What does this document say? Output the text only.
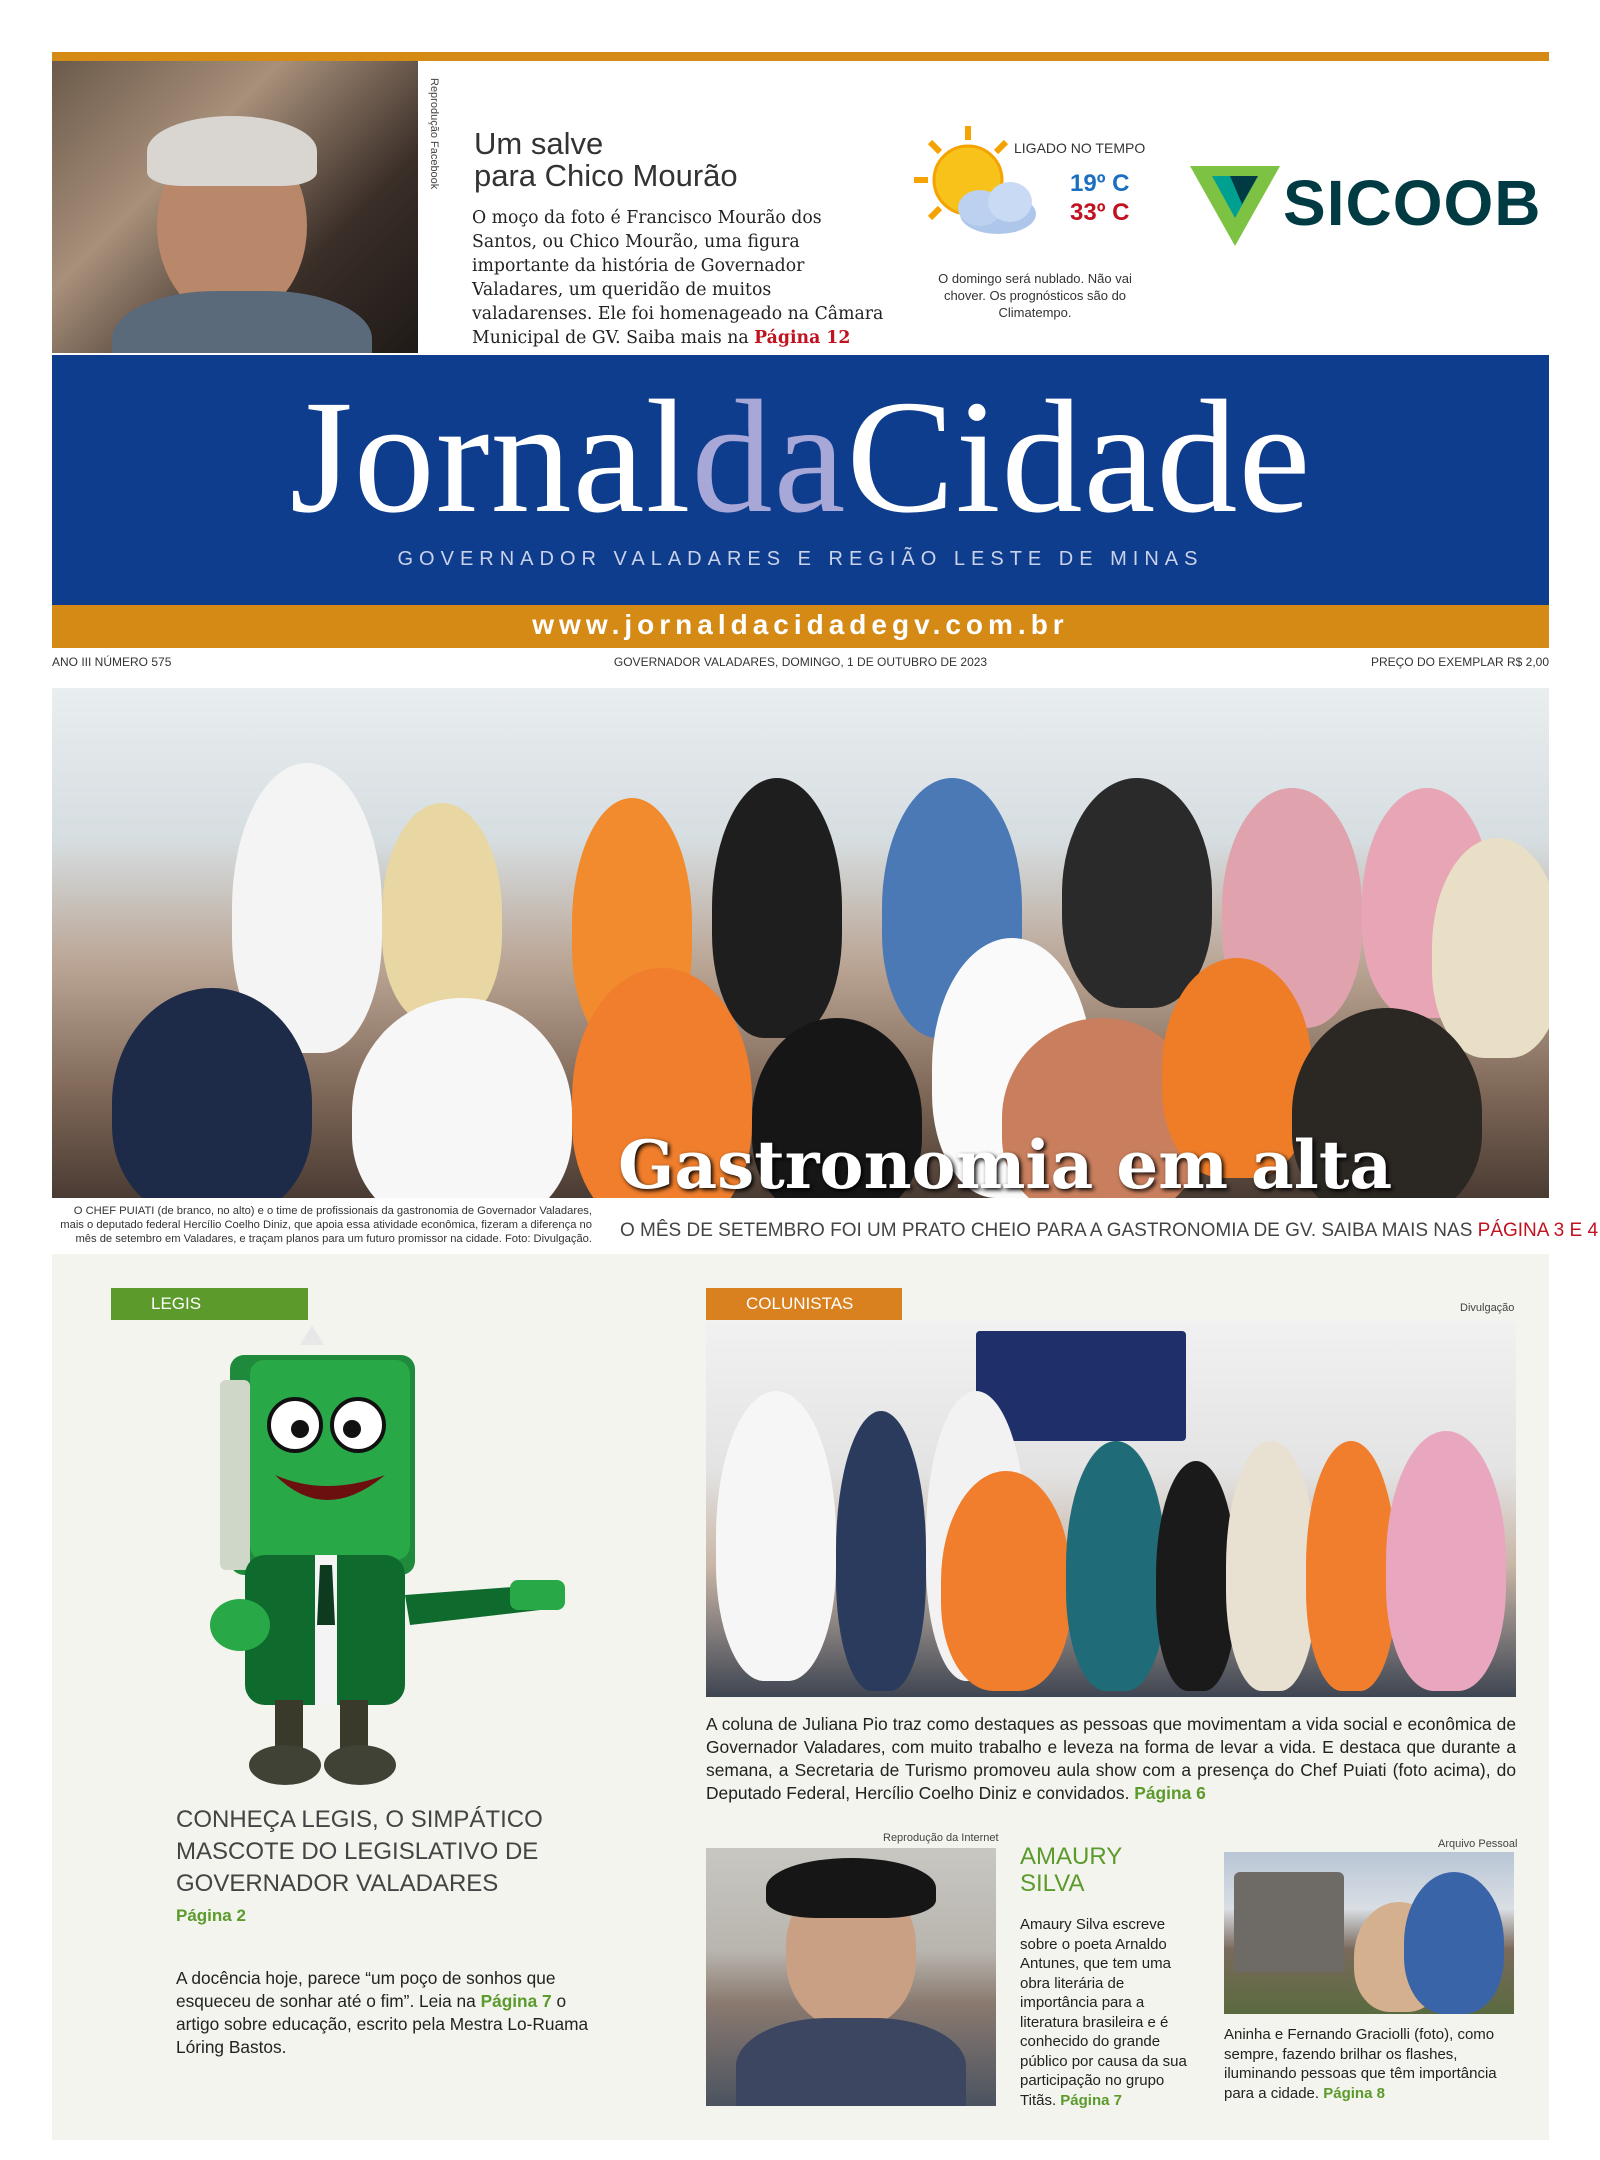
Reprodução Facebook Um salve
para Chico Mourão
O moço da foto é Francisco Mourão dos Santos, ou Chico Mourão, uma figura importante da história de Governador Valadares, um queridão de muitos valadarenses. Ele foi homenageado na Câmara Municipal de GV. Saiba mais na Página 12
LIGADO NO TEMPO
19º C
33º C
O domingo será nublado. Não vai chover. Os prognósticos são do Climatempo.
SICOOB
JornaldaCidade
GOVERNADOR VALADARES E REGIÃO LESTE DE MINAS
www.jornaldacidadegv.com.br
ANO III NÚMERO 575	GOVERNADOR VALADARES, DOMINGO, 1 DE OUTUBRO DE 2023	PREÇO DO EXEMPLAR R$ 2,00
Gastronomia em alta
O CHEF PUIATI (de branco, no alto) e o time de profissionais da gastronomia de Governador Valadares, mais o deputado federal Hercílio Coelho Diniz, que apoia essa atividade econômica, fizeram a diferença no mês de setembro em Valadares, e traçam planos para um futuro promissor na cidade. Foto: Divulgação. O MÊS DE SETEMBRO FOI UM PRATO CHEIO PARA A GASTRONOMIA DE GV. SAIBA MAIS NAS PÁGINA 3 E 4
LEGIS
CONHEÇA LEGIS, O SIMPÁTICO MASCOTE DO LEGISLATIVO DE GOVERNADOR VALADARES
Página 2
A docência hoje, parece “um poço de sonhos que esqueceu de sonhar até o fim”. Leia na Página 7 o artigo sobre educação, escrito pela Mestra Lo-Ruama Lóring Bastos.
COLUNISTAS	Divulgação
A coluna de Juliana Pio traz como destaques as pessoas que movimentam a vida social e econômica de Governador Valadares, com muito trabalho e leveza na forma de levar a vida. E destaca que durante a semana, a Secretaria de Turismo promoveu aula show com a presença do Chef Puiati (foto acima), do Deputado Federal, Hercílio Coelho Diniz e convidados. Página 6
Reprodução da Internet
AMAURY
SILVA
Amaury Silva escreve sobre o poeta Arnaldo Antunes, que tem uma obra literária de importância para a literatura brasileira e é conhecido do grande público por causa da sua participação no grupo Titãs. Página 7
Arquivo Pessoal
Aninha e Fernando Graciolli (foto), como sempre, fazendo brilhar os flashes, iluminando pessoas que têm importância para a cidade. Página 8
